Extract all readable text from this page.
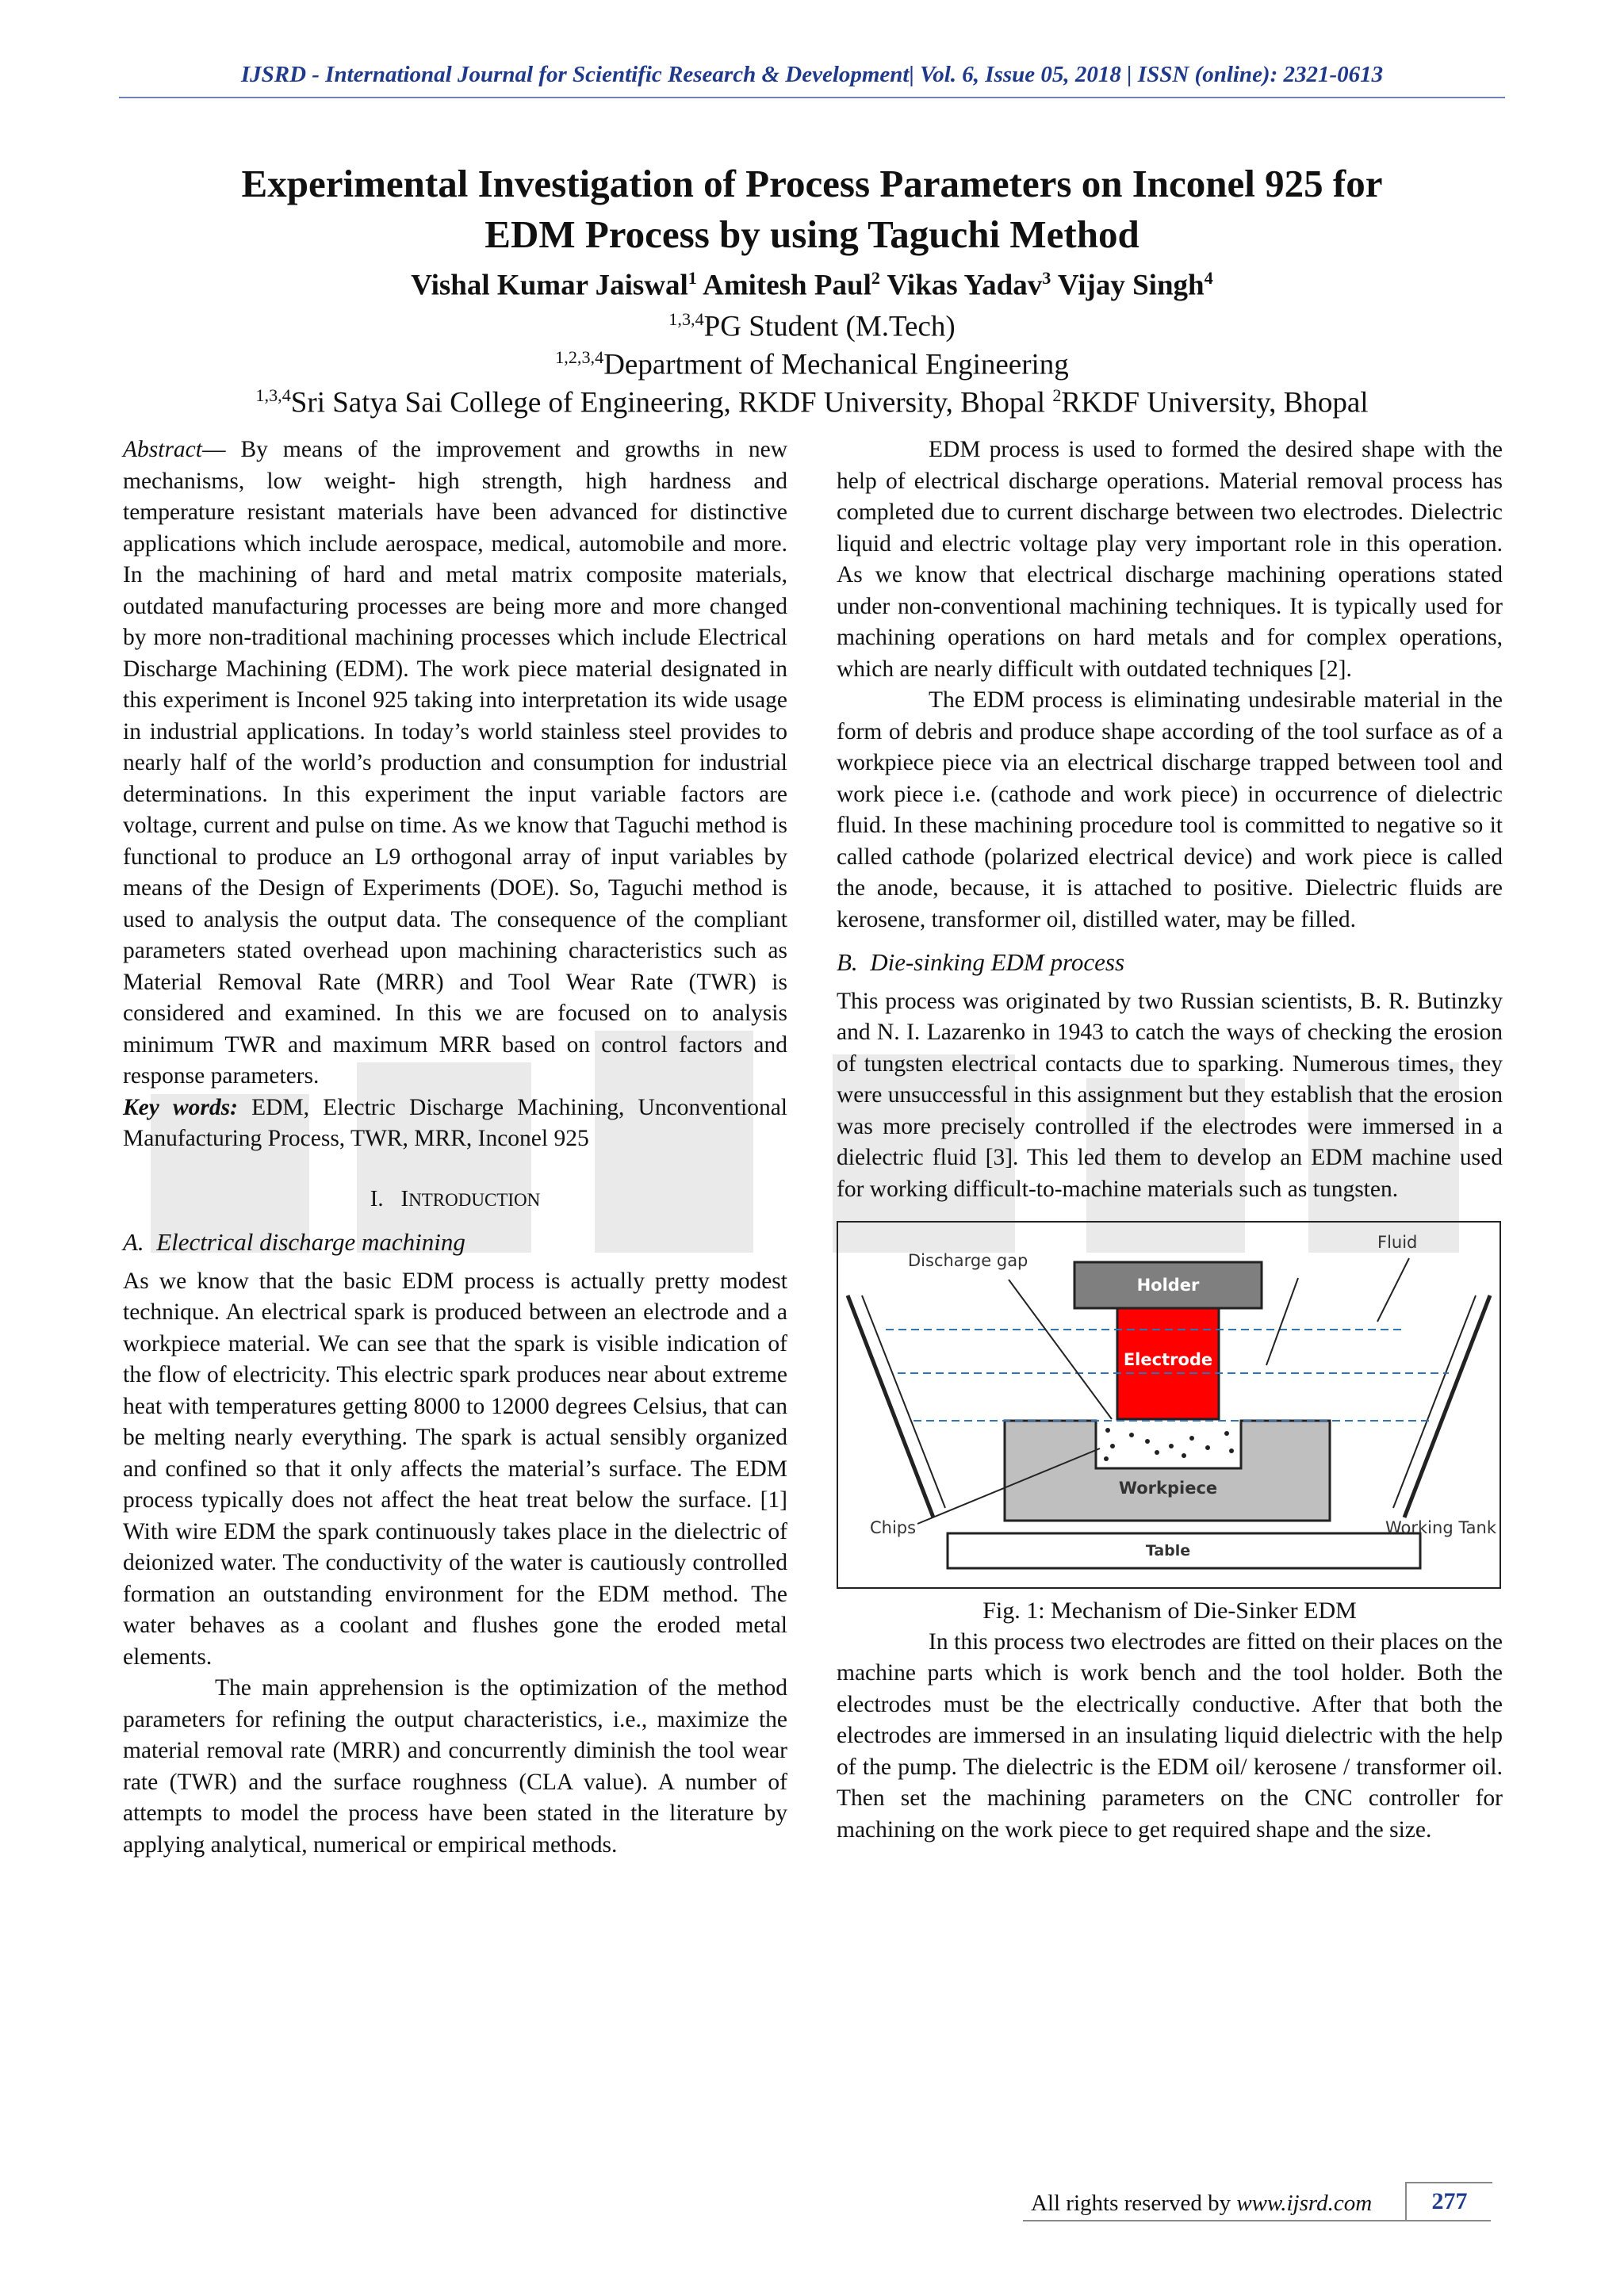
IJSRD - International Journal for Scientific Research & Development| Vol. 6, Issue 05, 2018 | ISSN (online): 2321-0613
Experimental Investigation of Process Parameters on Inconel 925 for
EDM Process by using Taguchi Method
Vishal Kumar Jaiswal$^1$ Amitesh Paul$^2$ Vikas Yadav$^3$ Vijay Singh$^4$
$^{1,3,4}$PG Student (M.Tech)
$^{1,2,3,4}$Department of Mechanical Engineering
$^{1,3,4}$Sri Satya Sai College of Engineering, RKDF University, Bhopal $^2$RKDF University, Bhopal

Abstract— By means of the improvement and growths in new mechanisms, low weight- high strength, high hardness and temperature resistant materials have been advanced for distinctive applications which include aerospace, medical, automobile and more. In the machining of hard and metal matrix composite materials, outdated manufacturing processes are being more and more changed by more non-traditional machining processes which include Electrical Discharge Machining (EDM). The work piece material designated in this experiment is Inconel 925 taking into interpretation its wide usage in industrial applications. In today’s world stainless steel provides to nearly half of the world’s production and consumption for industrial determinations. In this experiment the input variable factors are voltage, current and pulse on time. As we know that Taguchi method is functional to produce an L9 orthogonal array of input variables by means of the Design of Experiments (DOE). So, Taguchi method is used to analysis the output data. The consequence of the compliant parameters stated overhead upon machining characteristics such as Material Removal Rate (MRR) and Tool Wear Rate (TWR) is considered and examined. In this we are focused on to analysis minimum TWR and maximum MRR based on control factors and response parameters.

Key words: EDM, Electric Discharge Machining, Unconventional Manufacturing Process, TWR, MRR, Inconel 925

I. INTRODUCTION

A. Electrical discharge machining

As we know that the basic EDM process is actually pretty modest technique. An electrical spark is produced between an electrode and a workpiece material. We can see that the spark is visible indication of the flow of electricity. This electric spark produces near about extreme heat with temperatures getting 8000 to 12000 degrees Celsius, that can be melting nearly everything. The spark is actual sensibly organized and confined so that it only affects the material’s surface. The EDM process typically does not affect the heat treat below the surface. [1] With wire EDM the spark continuously takes place in the dielectric of deionized water. The conductivity of the water is cautiously controlled formation an outstanding environment for the EDM method. The water behaves as a coolant and flushes gone the eroded metal elements.

The main apprehension is the optimization of the method parameters for refining the output characteristics, i.e., maximize the material removal rate (MRR) and concurrently diminish the tool wear rate (TWR) and the surface roughness (CLA value). A number of attempts to model the process have been stated in the literature by applying analytical, numerical or empirical methods.

EDM process is used to formed the desired shape with the help of electrical discharge operations. Material removal process has completed due to current discharge between two electrodes. Dielectric liquid and electric voltage play very important role in this operation. As we know that electrical discharge machining operations stated under non-conventional machining techniques. It is typically used for machining operations on hard metals and for complex operations, which are nearly difficult with outdated techniques [2].

The EDM process is eliminating undesirable material in the form of debris and produce shape according of the tool surface as of a workpiece piece via an electrical discharge trapped between tool and work piece i.e. (cathode and work piece) in occurrence of dielectric fluid. In these machining procedure tool is committed to negative so it called cathode (polarized electrical device) and work piece is called the anode, because, it is attached to positive. Dielectric fluids are kerosene, transformer oil, distilled water, may be filled.

B. Die-sinking EDM process

This process was originated by two Russian scientists, B. R. Butinzky and N. I. Lazarenko in 1943 to catch the ways of checking the erosion of tungsten electrical contacts due to sparking. Numerous times, they were unsuccessful in this assignment but they establish that the erosion was more precisely controlled if the electrodes were immersed in a dielectric fluid [3]. This led them to develop an EDM machine used for working difficult-to-machine materials such as tungsten.

Discharge gap
Fluid
Holder
Electrode
Workpiece
Chips	Working Tank
Table

Fig. 1: Mechanism of Die-Sinker EDM

In this process two electrodes are fitted on their places on the machine parts which is work bench and the tool holder. Both the electrodes must be the electrically conductive. After that both the electrodes are immersed in an insulating liquid dielectric with the help of the pump. The dielectric is the EDM oil/ kerosene / transformer oil. Then set the machining parameters on the CNC controller for machining on the work piece to get required shape and the size.

All rights reserved by www.ijsrd.com	277
